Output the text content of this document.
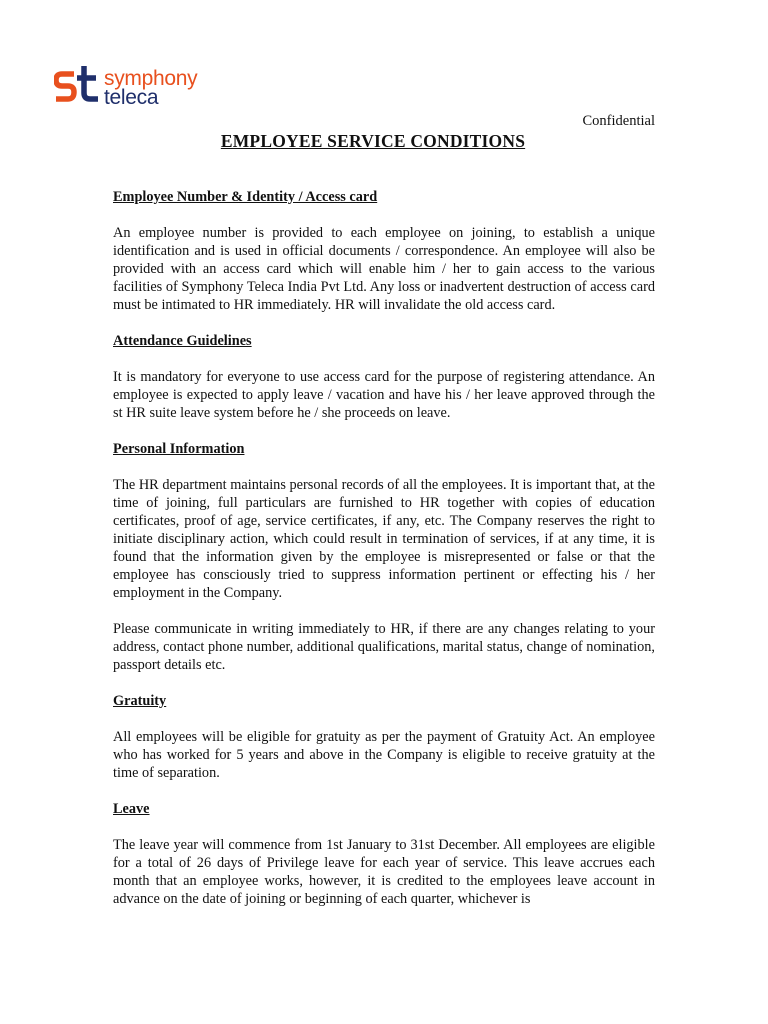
symphony
teleca
Confidential
EMPLOYEE SERVICE CONDITIONS
Employee Number & Identity / Access card
An employee number is provided to each employee on joining, to establish a unique identification and is used in official documents / correspondence. An employee will also be provided with an access card which will enable him / her to gain access to the various facilities of Symphony Teleca India Pvt Ltd. Any loss or inadvertent destruction of access card must be intimated to HR immediately. HR will invalidate the old access card.
Attendance Guidelines
It is mandatory for everyone to use access card for the purpose of registering attendance. An employee is expected to apply leave / vacation and have his / her leave approved through the st HR suite leave system before he / she proceeds on leave.
Personal Information
The HR department maintains personal records of all the employees. It is important that, at the time of joining, full particulars are furnished to HR together with copies of education certificates, proof of age, service certificates, if any, etc. The Company reserves the right to initiate disciplinary action, which could result in termination of services, if at any time, it is found that the information given by the employee is misrepresented or false or that the employee has consciously tried to suppress information pertinent or effecting his / her employment in the Company.
Please communicate in writing immediately to HR, if there are any changes relating to your address, contact phone number, additional qualifications, marital status, change of nomination, passport details etc.
Gratuity
All employees will be eligible for gratuity as per the payment of Gratuity Act. An employee who has worked for 5 years and above in the Company is eligible to receive gratuity at the time of separation.
Leave
The leave year will commence from 1st January to 31st December. All employees are eligible for a total of 26 days of Privilege leave for each year of service. This leave accrues each month that an employee works, however, it is credited to the employees leave account in advance on the date of joining or beginning of each quarter, whichever is
